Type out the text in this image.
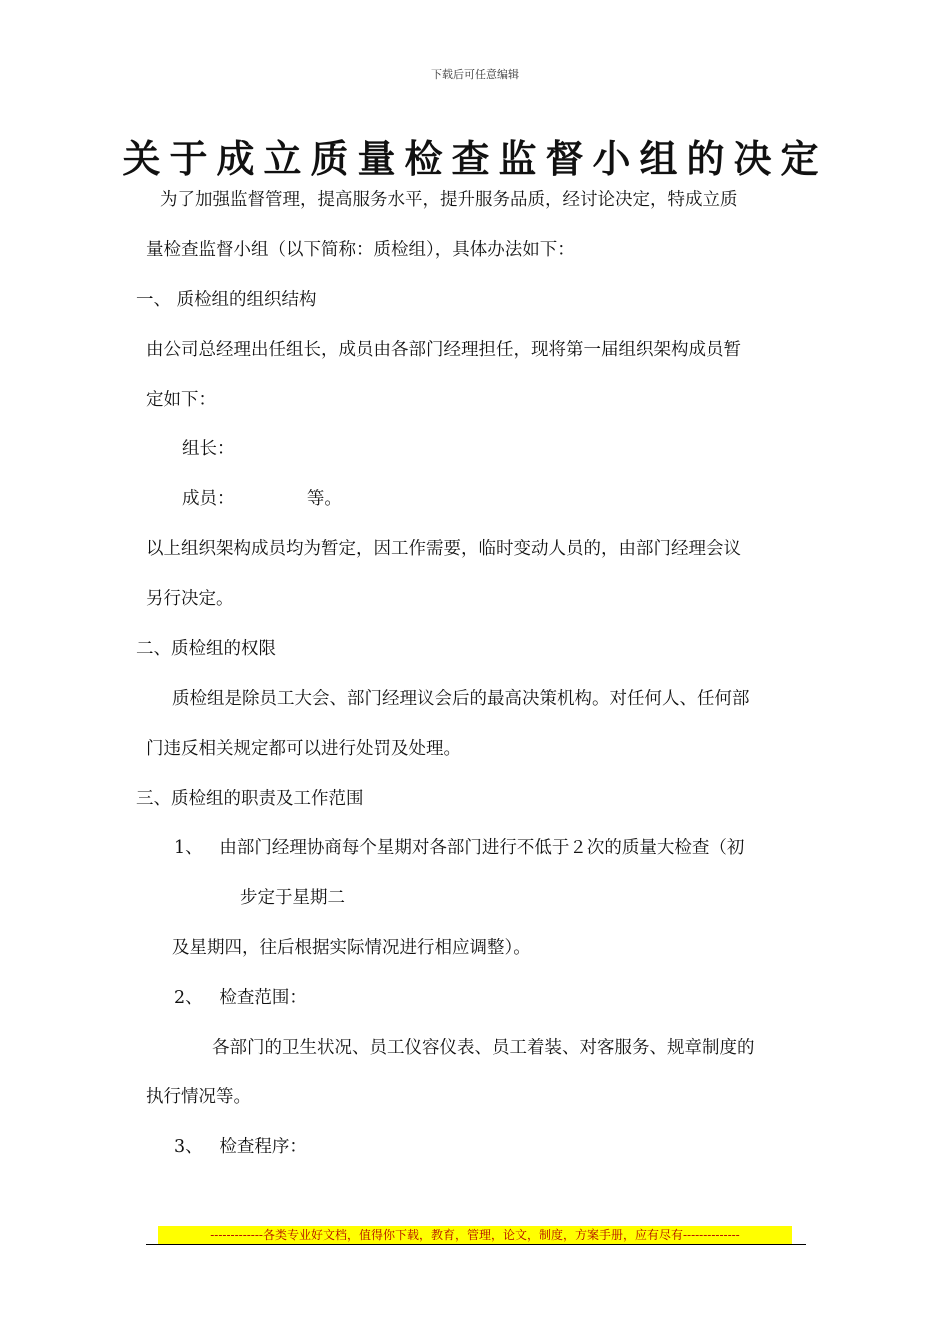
下载后可任意编辑
关于成立质量检查监督小组的决定
为了加强监督管理，提高服务水平，提升服务品质，经讨论决定，特成立质
量检查监督小组（以下简称：质检组），具体办法如下：
一、 质检组的组织结构
由公司总经理出任组长，成员由各部门经理担任，现将第一届组织架构成员暂
定如下：
组长：
成员：             等。
以上组织架构成员均为暂定，因工作需要，临时变动人员的，由部门经理会议
另行决定。
二、质检组的权限
质检组是除员工大会、部门经理议会后的最高决策机构。对任何人、任何部
门违反相关规定都可以进行处罚及处理。
三、质检组的职责及工作范围
1、   由部门经理协商每个星期对各部门进行不低于２次的质量大检查（初
步定于星期二
及星期四，往后根据实际情况进行相应调整）。
2、   检查范围：
各部门的卫生状况、员工仪容仪表、员工着装、对客服务、规章制度的
执行情况等。
3、   检查程序：
-------------各类专业好文档，值得你下载，教育，管理，论文，制度，方案手册，应有尽有--------------
